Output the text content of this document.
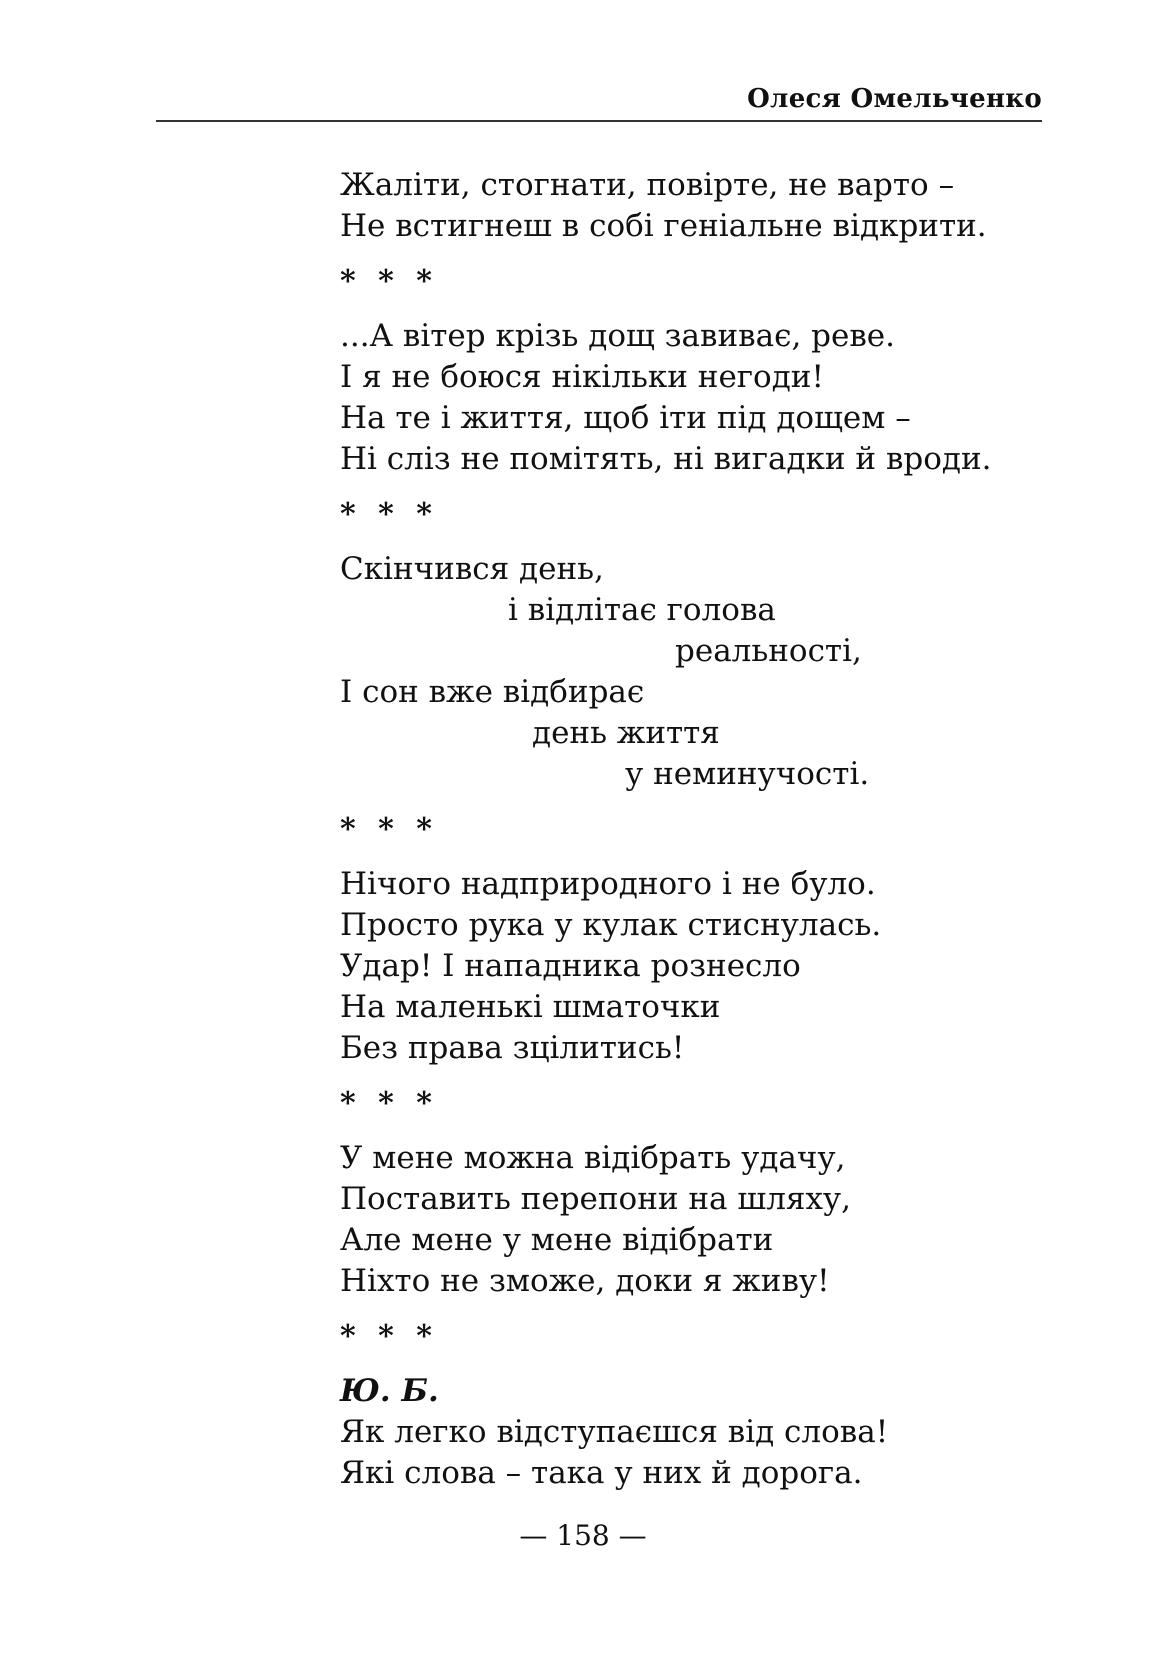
Олеся Омельченко
Жаліти, стогнати, повірте, не варто –
Не встигнеш в собі геніальне відкрити.
* * *
...А вітер крізь дощ завиває, реве.
І я не боюся нікільки негоди!
На те і життя, щоб іти під дощем –
Ні сліз не помітять, ні вигадки й вроди.
* * *
Скінчився день,
і відлітає голова
реальності,
І сон вже відбирає
день життя
у неминучості.
* * *
Нічого надприродного і не було.
Просто рука у кулак стиснулась.
Удар! І нападника рознесло
На маленькі шматочки
Без права зцілитись!
* * *
У мене можна відібрать удачу,
Поставить перепони на шляху,
Але мене у мене відібрати
Ніхто не зможе, доки я живу!
* * *
Ю. Б.
Як легко відступаєшся від слова!
Які слова – така у них й дорога.
— 158 —
